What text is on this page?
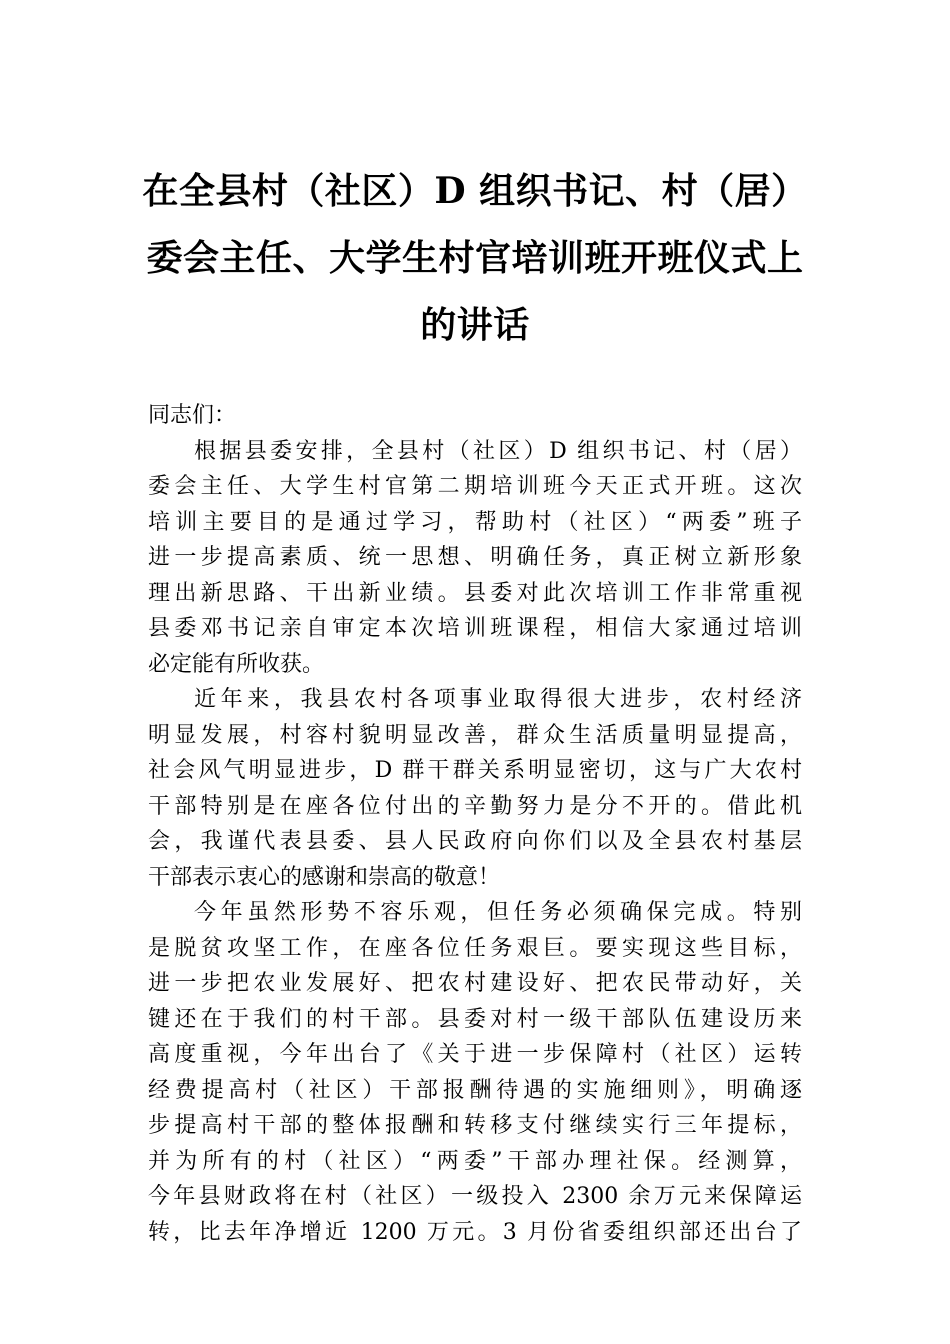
在全县村（社区）D 组织书记、村（居）
委会主任、大学生村官培训班开班仪式上
的讲话

同志们：

根据县委安排，全县村（社区）D 组织书记、村（居）
委会主任、大学生村官第二期培训班今天正式开班。这次
培训主要目的是通过学习，帮助村（社区）“两委”班子
进一步提高素质、统一思想、明确任务，真正树立新形象
理出新思路、干出新业绩。县委对此次培训工作非常重视
县委邓书记亲自审定本次培训班课程，相信大家通过培训
必定能有所收获。

近年来，我县农村各项事业取得很大进步，农村经济
明显发展，村容村貌明显改善，群众生活质量明显提高，
社会风气明显进步，D 群干群关系明显密切，这与广大农村
干部特别是在座各位付出的辛勤努力是分不开的。借此机
会，我谨代表县委、县人民政府向你们以及全县农村基层
干部表示衷心的感谢和崇高的敬意！

今年虽然形势不容乐观，但任务必须确保完成。特别
是脱贫攻坚工作，在座各位任务艰巨。要实现这些目标，
进一步把农业发展好、把农村建设好、把农民带动好，关
键还在于我们的村干部。县委对村一级干部队伍建设历来
高度重视，今年出台了《关于进一步保障村（社区）运转
经费提高村（社区）干部报酬待遇的实施细则》，明确逐
步提高村干部的整体报酬和转移支付继续实行三年提标，
并为所有的村（社区）“两委”干部办理社保。经测算，
今年县财政将在村（社区）一级投入 2300 余万元来保障运
转，比去年净增近 1200 万元。3 月份省委组织部还出台了
